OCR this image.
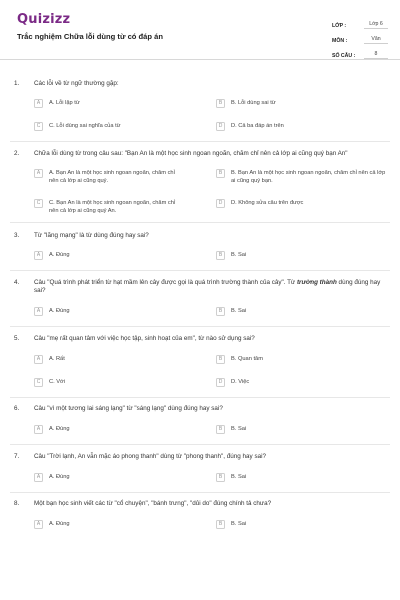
Quizizz
Trắc nghiệm Chữa lỗi dùng từ có đáp án
LỚP :	Lớp 6
MÔN :	Văn
SỐ CÂU :	8
1. Các lỗi về từ ngữ thường gặp:
A	A. Lỗi lặp từ	B	B. Lỗi dùng sai từ
C	C. Lỗi dùng sai nghĩa của từ	D	D. Cả ba đáp án trên
2. Chữa lỗi dùng từ trong câu sau: "Bạn An là một học sinh ngoan ngoãn, chăm chỉ nên cả lớp ai cũng quý bạn An"
A	A. Bạn An là một học sinh ngoan ngoãn, chăm chỉ nên cả lớp ai cũng quý.
B	B. Bạn An là một học sinh ngoan ngoãn, chăm chỉ nên cả lớp ai cũng quý bạn.
C	C. Bạn An là một học sinh ngoan ngoãn, chăm chỉ nên cả lớp ai cũng quý An.
D	D. Không sửa câu trên được
3. Từ "lãng mạng" là từ dùng đúng hay sai?
A	A. Đúng	B	B. Sai
4. Câu "Quá trình phát triển từ hạt mầm lên cây được gọi là quá trình trường thành của cây". Từ trường thành dùng đúng hay sai?
A	A. Đúng	B	B. Sai
5. Câu "mẹ rất quan tâm với việc học tập, sinh hoạt của em", từ nào sử dụng sai?
A	A. Rất	B	B. Quan tâm
C	C. Với	D	D. Việc
6. Câu "vì một tương lai sáng lạng" từ "sáng lạng" dùng đúng hay sai?
A	A. Đúng	B	B. Sai
7. Câu "Trời lạnh, An vẫn mặc áo phong thanh" dùng từ "phong thanh", đúng hay sai?
A	A. Đúng	B	B. Sai
8. Một bạn học sinh viết các từ "cổ chuyện", "bánh trưng", "dủi do" đúng chính tả chưa?
A	A. Đúng	B	B. Sai
